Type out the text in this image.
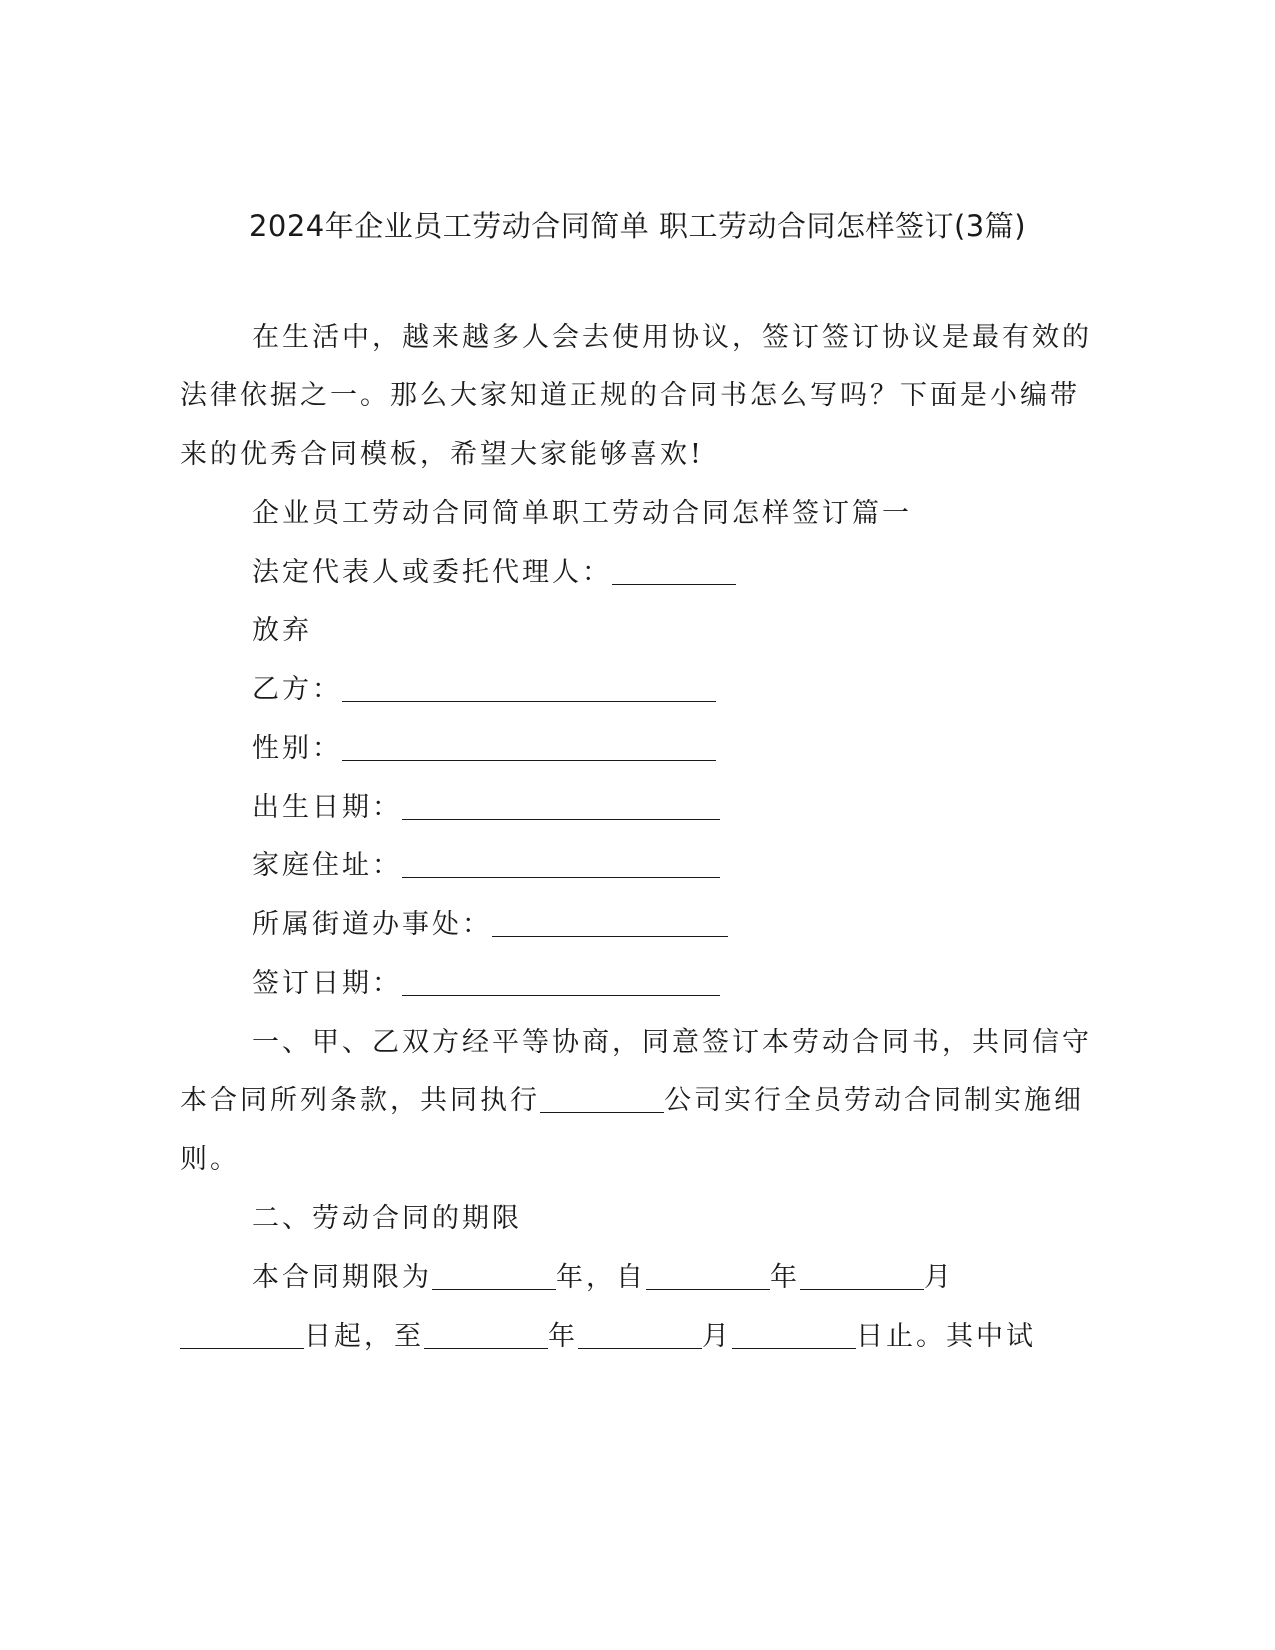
2024年企业员工劳动合同简单 职工劳动合同怎样签订(3篇)
在生活中，越来越多人会去使用协议，签订签订协议是最有效的
法律依据之一。那么大家知道正规的合同书怎么写吗？下面是小编带
来的优秀合同模板，希望大家能够喜欢!
企业员工劳动合同简单职工劳动合同怎样签订篇一
法定代表人或委托代理人：
放弃
乙方：
性别：
出生日期：
家庭住址：
所属街道办事处：
签订日期：
一、甲、乙双方经平等协商，同意签订本劳动合同书，共同信守
本合同所列条款，共同执行	公司实行全员劳动合同制实施细
则。
二、劳动合同的期限
本合同期限为	年，自	年	月
日起，至	年	月	日止。其中试
